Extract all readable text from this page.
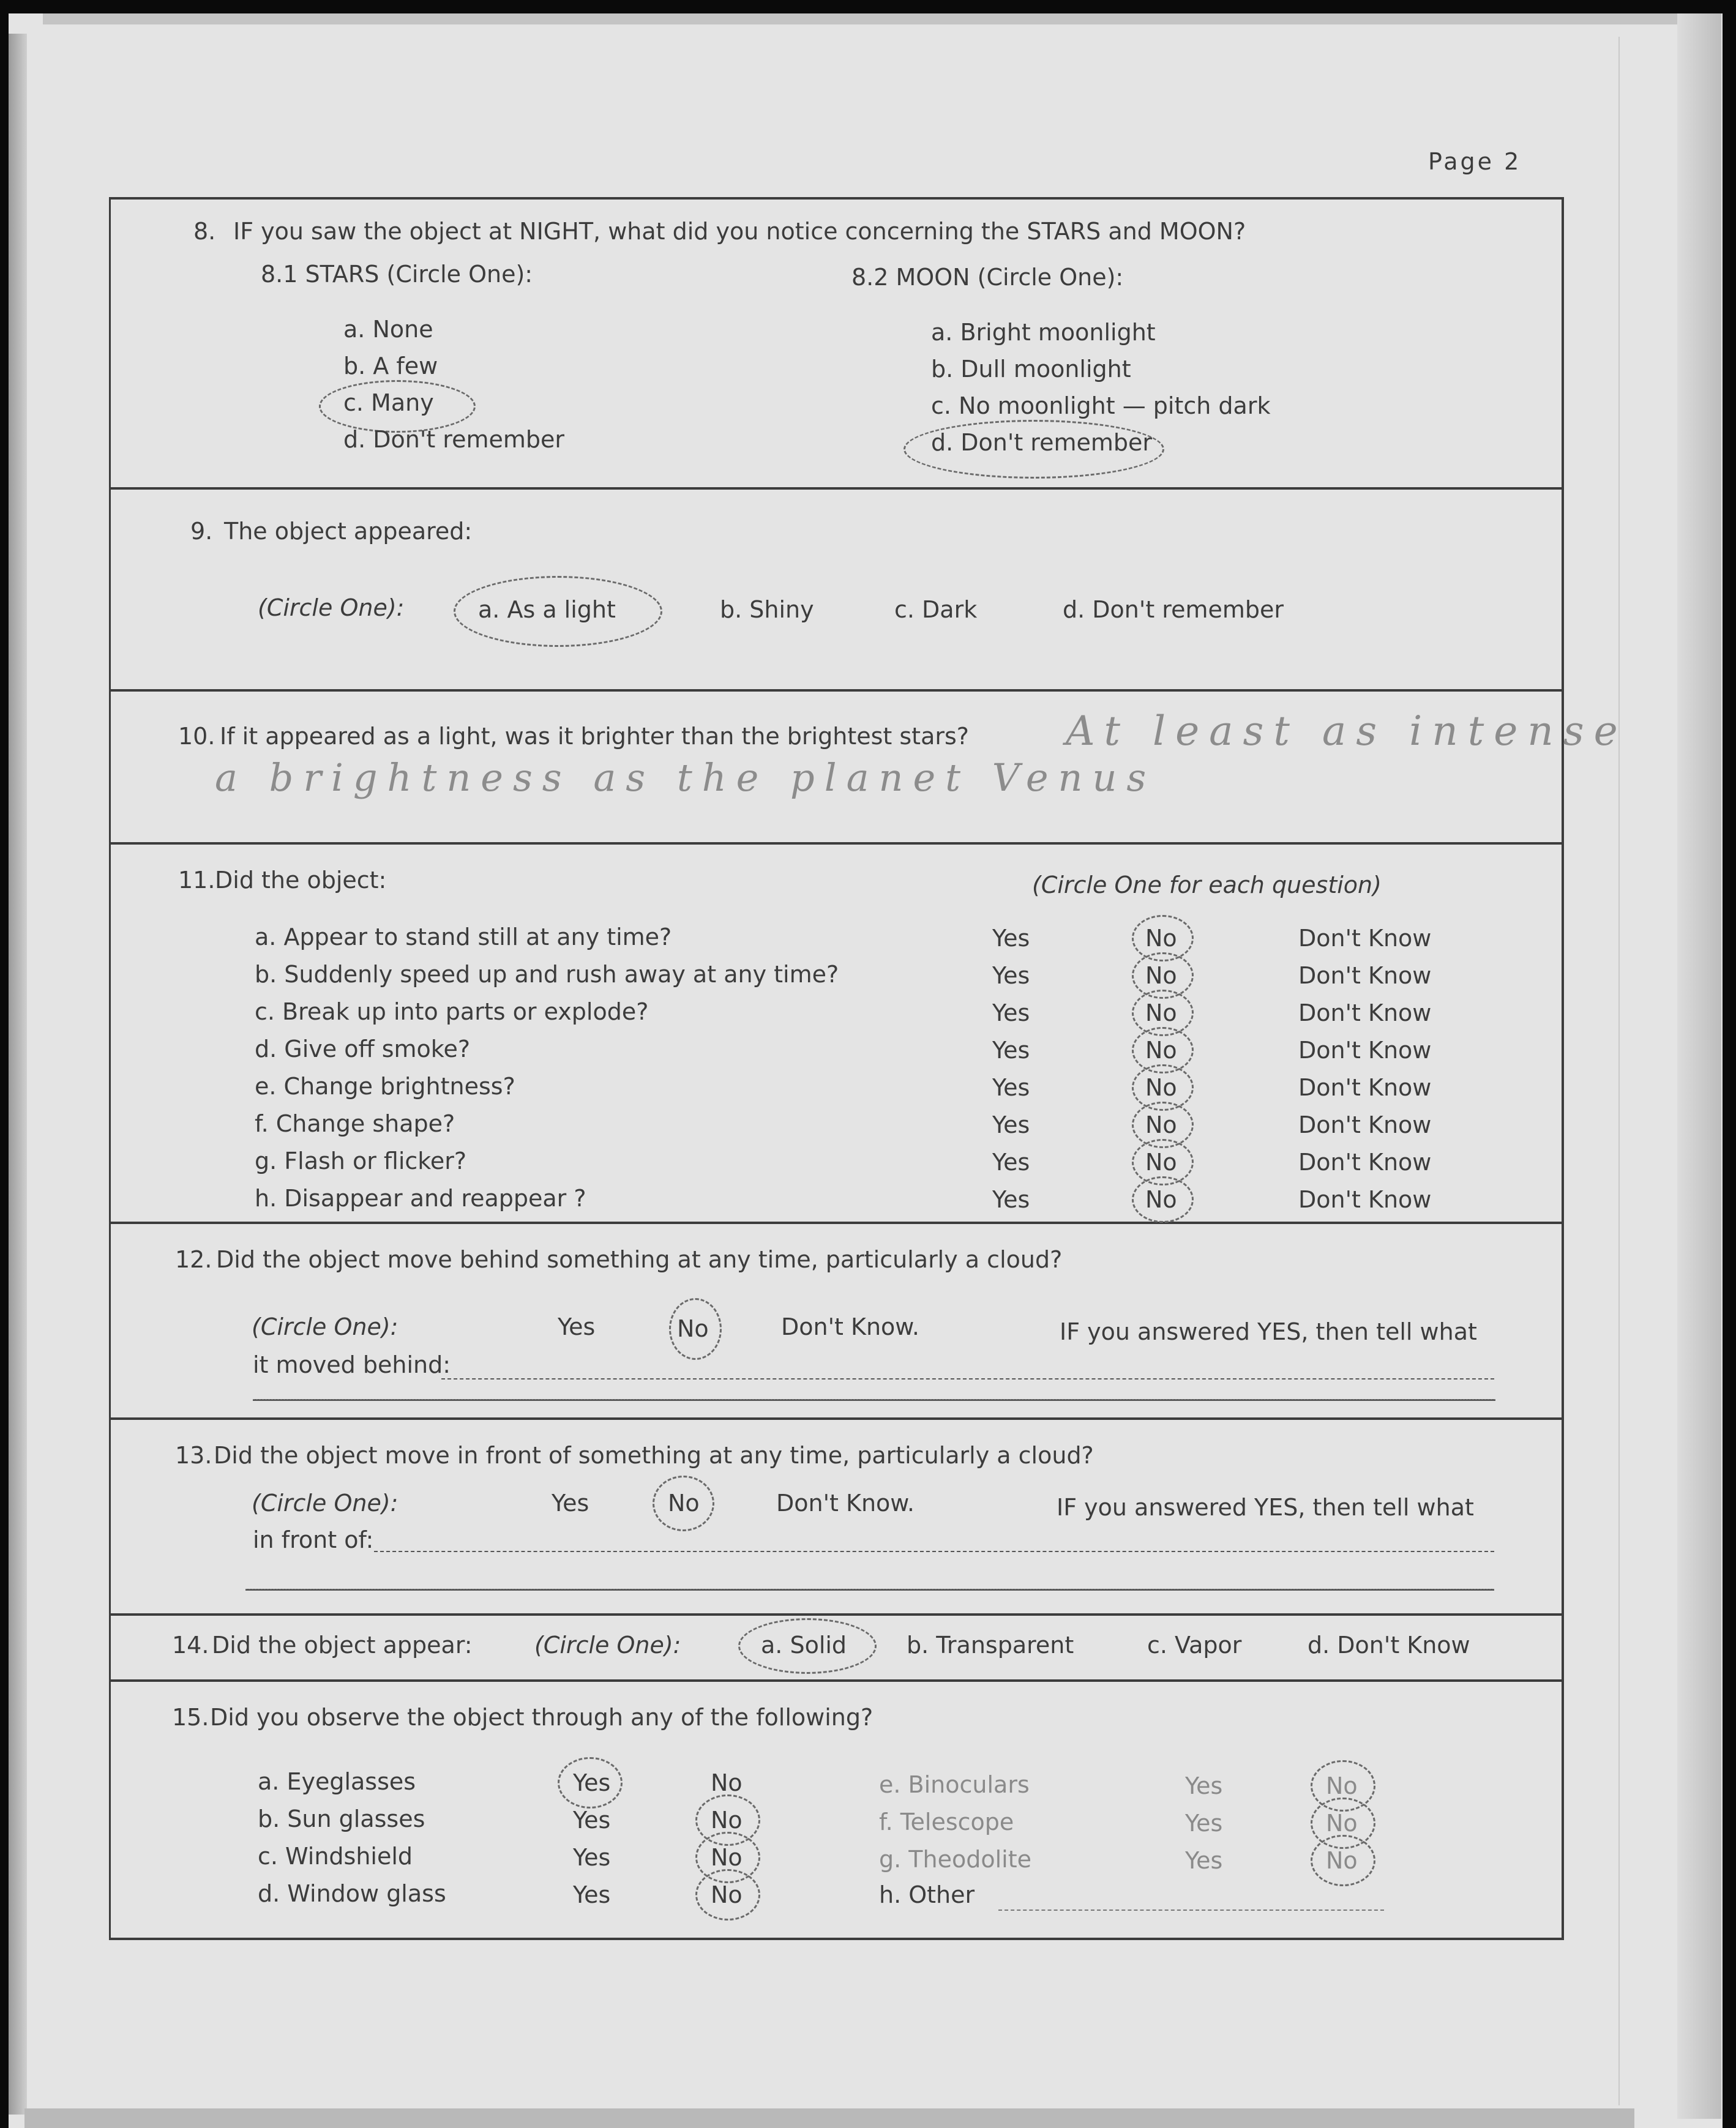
Page 2
8. IF you saw the object at NIGHT, what did you notice concerning the STARS and MOON?
8.1 STARS (Circle One):	8.2 MOON (Circle One):
a. None
b. A few
c. Many
d. Don't remember
a. Bright moonlight
b. Dull moonlight
c. No moonlight — pitch dark
d. Don't remember
9. The object appeared:
(Circle One):	a. As a light	b. Shiny	c. Dark	d. Don't remember
10. If it appeared as a light, was it brighter than the brightest stars? At least as intense
a brightness as the planet Venus
11. Did the object:	(Circle One for each question)
a. Appear to stand still at any time?	Yes	No	Don't Know
b. Suddenly speed up and rush away at any time?	Yes	No	Don't Know
c. Break up into parts or explode?	Yes	No	Don't Know
d. Give off smoke?	Yes	No	Don't Know
e. Change brightness?	Yes	No	Don't Know
f. Change shape?	Yes	No	Don't Know
g. Flash or flicker?	Yes	No	Don't Know
h. Disappear and reappear ?	Yes	No	Don't Know
12. Did the object move behind something at any time, particularly a cloud?
(Circle One):	Yes	No	Don't Know.	IF you answered YES, then tell what
it moved behind:
13. Did the object move in front of something at any time, particularly a cloud?
(Circle One):	Yes	No	Don't Know.	IF you answered YES, then tell what
in front of:
14. Did the object appear:	(Circle One):	a. Solid	b. Transparent	c. Vapor	d. Don't Know
15. Did you observe the object through any of the following?
a. Eyeglasses	Yes	No
b. Sun glasses	Yes	No
c. Windshield	Yes	No
d. Window glass	Yes	No
e. Binoculars	Yes	No
f. Telescope	Yes	No
g. Theodolite	Yes	No
h. Other
